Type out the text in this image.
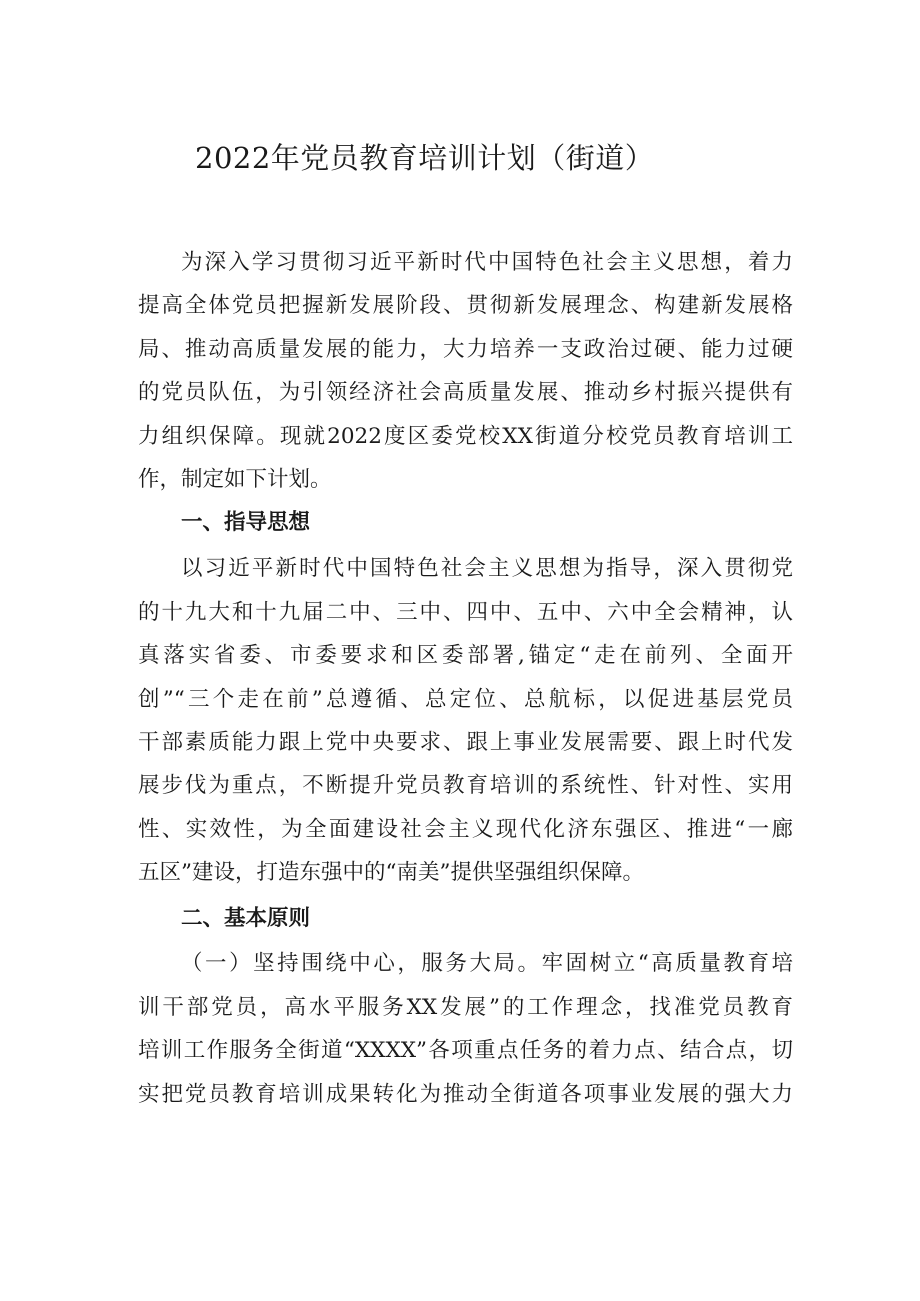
2022年党员教育培训计划（街道）
为深入学习贯彻习近平新时代中国特色社会主义思想，着力
提高全体党员把握新发展阶段、贯彻新发展理念、构建新发展格
局、推动高质量发展的能力，大力培养一支政治过硬、能力过硬
的党员队伍，为引领经济社会高质量发展、推动乡村振兴提供有
力组织保障。现就2022度区委党校XX街道分校党员教育培训工
作，制定如下计划。
一、指导思想
以习近平新时代中国特色社会主义思想为指导，深入贯彻党
的十九大和十九届二中、三中、四中、五中、六中全会精神，认
真落实省委、市委要求和区委部署,锚定“走在前列、全面开
创”“三个走在前”总遵循、总定位、总航标，以促进基层党员
干部素质能力跟上党中央要求、跟上事业发展需要、跟上时代发
展步伐为重点，不断提升党员教育培训的系统性、针对性、实用
性、实效性，为全面建设社会主义现代化济东强区、推进“一廊
五区”建设，打造东强中的“南美”提供坚强组织保障。
二、基本原则
（一）坚持围绕中心，服务大局。牢固树立“高质量教育培
训干部党员，高水平服务XX发展”的工作理念，找准党员教育
培训工作服务全街道“XXXX”各项重点任务的着力点、结合点，切
实把党员教育培训成果转化为推动全街道各项事业发展的强大力
